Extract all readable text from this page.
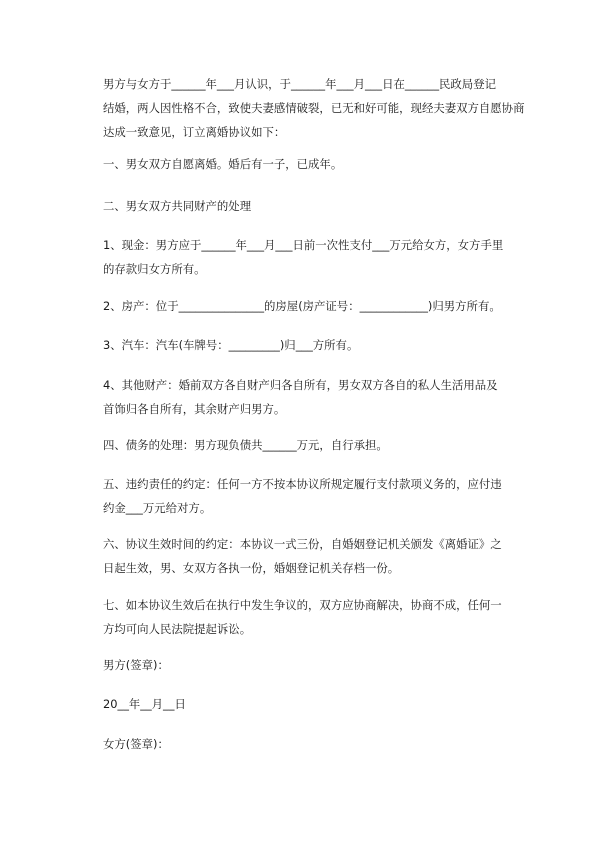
男方与女方于______年___月认识，于______年___月___日在______民政局登记
结婚，两人因性格不合，致使夫妻感情破裂，已无和好可能，现经夫妻双方自愿协商
达成一致意见，订立离婚协议如下：
一、男女双方自愿离婚。婚后有一子，已成年。
二、男女双方共同财产的处理
1、现金：男方应于______年___月___日前一次性支付___万元给女方，女方手里
的存款归女方所有。
2、房产：位于_______________的房屋(房产证号：____________)归男方所有。
3、汽车：汽车(车牌号：_________)归___方所有。
4、其他财产：婚前双方各自财产归各自所有，男女双方各自的私人生活用品及
首饰归各自所有，其余财产归男方。
四、债务的处理：男方现负债共______万元，自行承担。
五、违约责任的约定：任何一方不按本协议所规定履行支付款项义务的，应付违
约金___万元给对方。
六、协议生效时间的约定：本协议一式三份，自婚姻登记机关颁发《离婚证》之
日起生效，男、女双方各执一份，婚姻登记机关存档一份。
七、如本协议生效后在执行中发生争议的，双方应协商解决，协商不成，任何一
方均可向人民法院提起诉讼。
男方(签章)：
20__年__月__日
女方(签章)：
